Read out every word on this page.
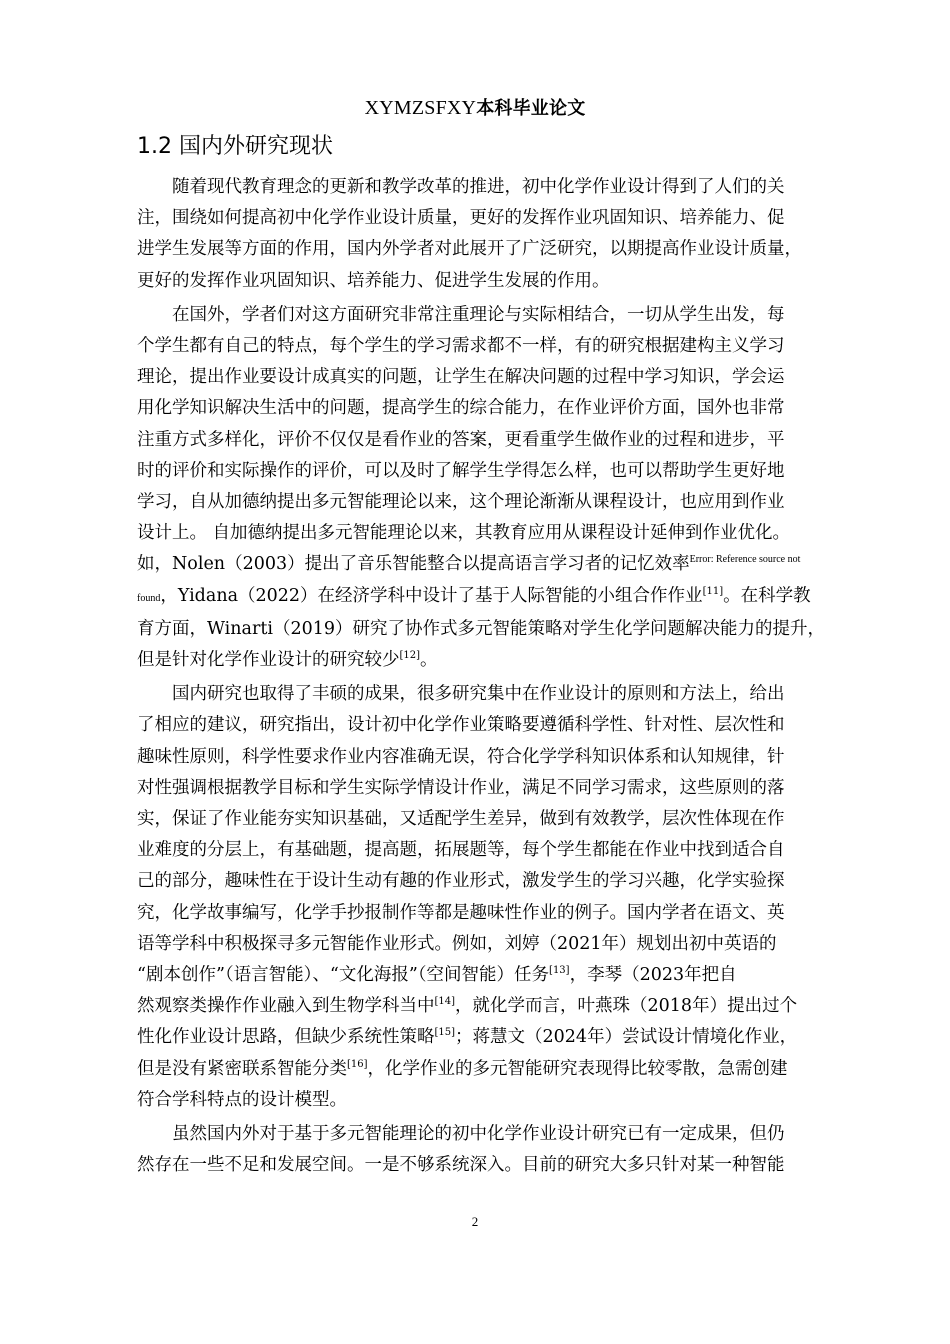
XYMZSFXY本科毕业论文
1.2 国内外研究现状
　　随着现代教育理念的更新和教学改革的推进，初中化学作业设计得到了人们的关
注，围绕如何提高初中化学作业设计质量，更好的发挥作业巩固知识、培养能力、促
进学生发展等方面的作用，国内外学者对此展开了广泛研究，以期提高作业设计质量，
更好的发挥作业巩固知识、培养能力、促进学生发展的作用。
　　在国外，学者们对这方面研究非常注重理论与实际相结合，一切从学生出发，每
个学生都有自己的特点，每个学生的学习需求都不一样，有的研究根据建构主义学习
理论，提出作业要设计成真实的问题，让学生在解决问题的过程中学习知识，学会运
用化学知识解决生活中的问题，提高学生的综合能力，在作业评价方面，国外也非常
注重方式多样化，评价不仅仅是看作业的答案，更看重学生做作业的过程和进步，平
时的评价和实际操作的评价，可以及时了解学生学得怎么样，也可以帮助学生更好地
学习，自从加德纳提出多元智能理论以来，这个理论渐渐从课程设计，也应用到作业
设计上。 自加德纳提出多元智能理论以来，其教育应用从课程设计延伸到作业优化。
如，Nolen（2003）提出了音乐智能整合以提高语言学习者的记忆效率$^{Error: Reference source not}$
found，Yidana（2022）在经济学科中设计了基于人际智能的小组合作作业[11]。在科学教
育方面，Winarti（2019）研究了协作式多元智能策略对学生化学问题解决能力的提升，
但是针对化学作业设计的研究较少[12]。
　　国内研究也取得了丰硕的成果，很多研究集中在作业设计的原则和方法上，给出
了相应的建议，研究指出，设计初中化学作业策略要遵循科学性、针对性、层次性和
趣味性原则，科学性要求作业内容准确无误，符合化学学科知识体系和认知规律，针
对性强调根据教学目标和学生实际学情设计作业，满足不同学习需求，这些原则的落
实，保证了作业能夯实知识基础，又适配学生差异，做到有效教学，层次性体现在作
业难度的分层上，有基础题，提高题，拓展题等，每个学生都能在作业中找到适合自
己的部分，趣味性在于设计生动有趣的作业形式，激发学生的学习兴趣，化学实验探
究，化学故事编写，化学手抄报制作等都是趣味性作业的例子。国内学者在语文、英
语等学科中积极探寻多元智能作业形式。例如，刘婷（2021年）规划出初中英语的
“剧本创作”（语言智能）、“文化海报”（空间智能）任务[13]，李琴（2023年把自
然观察类操作作业融入到生物学科当中[14]，就化学而言，叶燕珠（2018年）提出过个
性化作业设计思路，但缺少系统性策略[15]；蒋慧文（2024年）尝试设计情境化作业，
但是没有紧密联系智能分类[16]，化学作业的多元智能研究表现得比较零散，急需创建
符合学科特点的设计模型。
　　虽然国内外对于基于多元智能理论的初中化学作业设计研究已有一定成果，但仍
然存在一些不足和发展空间。一是不够系统深入。目前的研究大多只针对某一种智能
2
